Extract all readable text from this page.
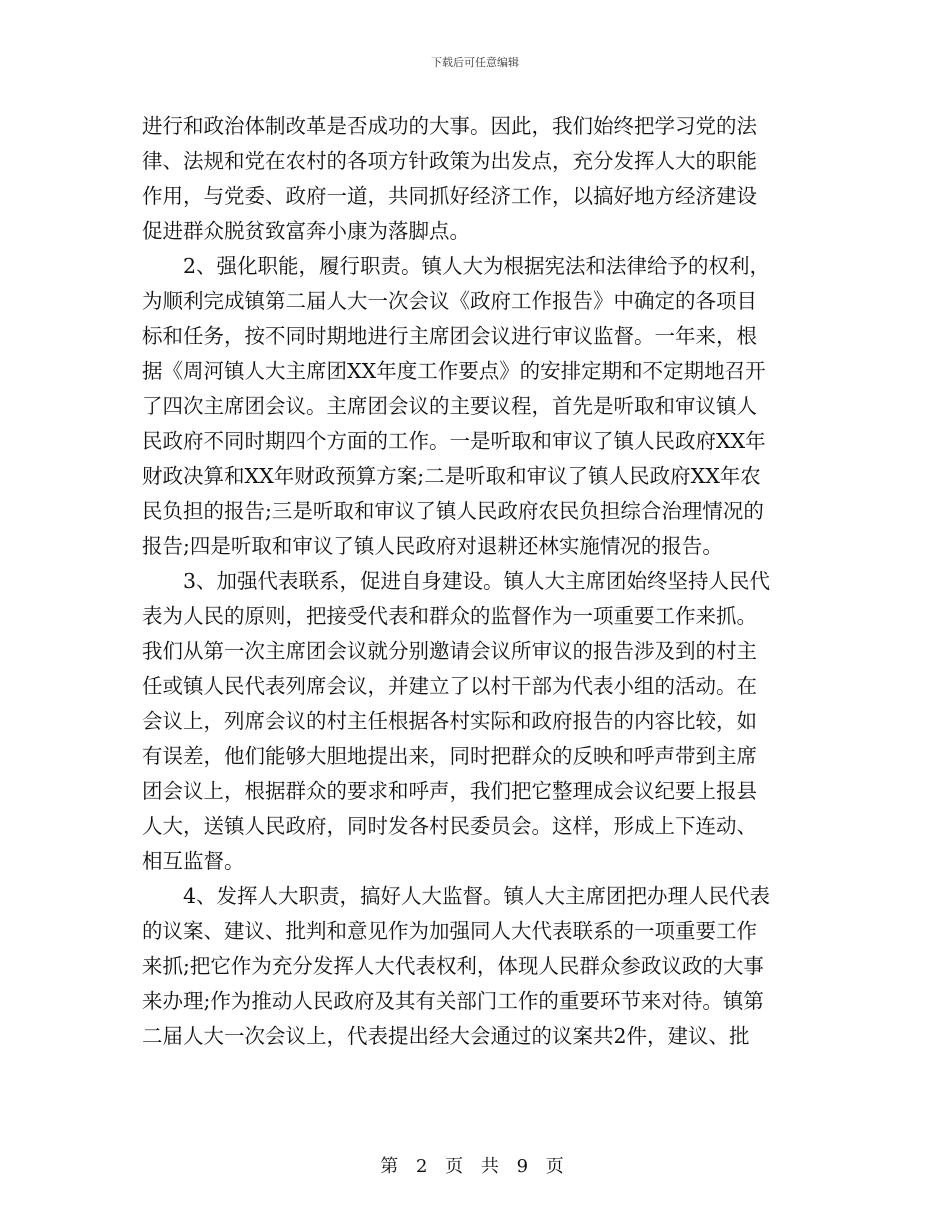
下载后可任意编辑
进行和政治体制改革是否成功的大事。因此，我们始终把学习党的法
律、法规和党在农村的各项方针政策为出发点，充分发挥人大的职能
作用，与党委、政府一道，共同抓好经济工作，以搞好地方经济建设
促进群众脱贫致富奔小康为落脚点。
2、强化职能，履行职责。镇人大为根据宪法和法律给予的权利，
为顺利完成镇第二届人大一次会议《政府工作报告》中确定的各项目
标和任务，按不同时期地进行主席团会议进行审议监督。一年来，根
据《周河镇人大主席团XX年度工作要点》的安排定期和不定期地召开
了四次主席团会议。主席团会议的主要议程，首先是听取和审议镇人
民政府不同时期四个方面的工作。一是听取和审议了镇人民政府XX年
财政决算和XX年财政预算方案;二是听取和审议了镇人民政府XX年农
民负担的报告;三是听取和审议了镇人民政府农民负担综合治理情况的
报告;四是听取和审议了镇人民政府对退耕还林实施情况的报告。
3、加强代表联系，促进自身建设。镇人大主席团始终坚持人民代
表为人民的原则，把接受代表和群众的监督作为一项重要工作来抓。
我们从第一次主席团会议就分别邀请会议所审议的报告涉及到的村主
任或镇人民代表列席会议，并建立了以村干部为代表小组的活动。在
会议上，列席会议的村主任根据各村实际和政府报告的内容比较，如
有误差，他们能够大胆地提出来，同时把群众的反映和呼声带到主席
团会议上，根据群众的要求和呼声，我们把它整理成会议纪要上报县
人大，送镇人民政府，同时发各村民委员会。这样，形成上下连动、
相互监督。
4、发挥人大职责，搞好人大监督。镇人大主席团把办理人民代表
的议案、建议、批判和意见作为加强同人大代表联系的一项重要工作
来抓;把它作为充分发挥人大代表权利，体现人民群众参政议政的大事
来办理;作为推动人民政府及其有关部门工作的重要环节来对待。镇第
二届人大一次会议上，代表提出经大会通过的议案共2件，建议、批
第 2 页 共 9 页
